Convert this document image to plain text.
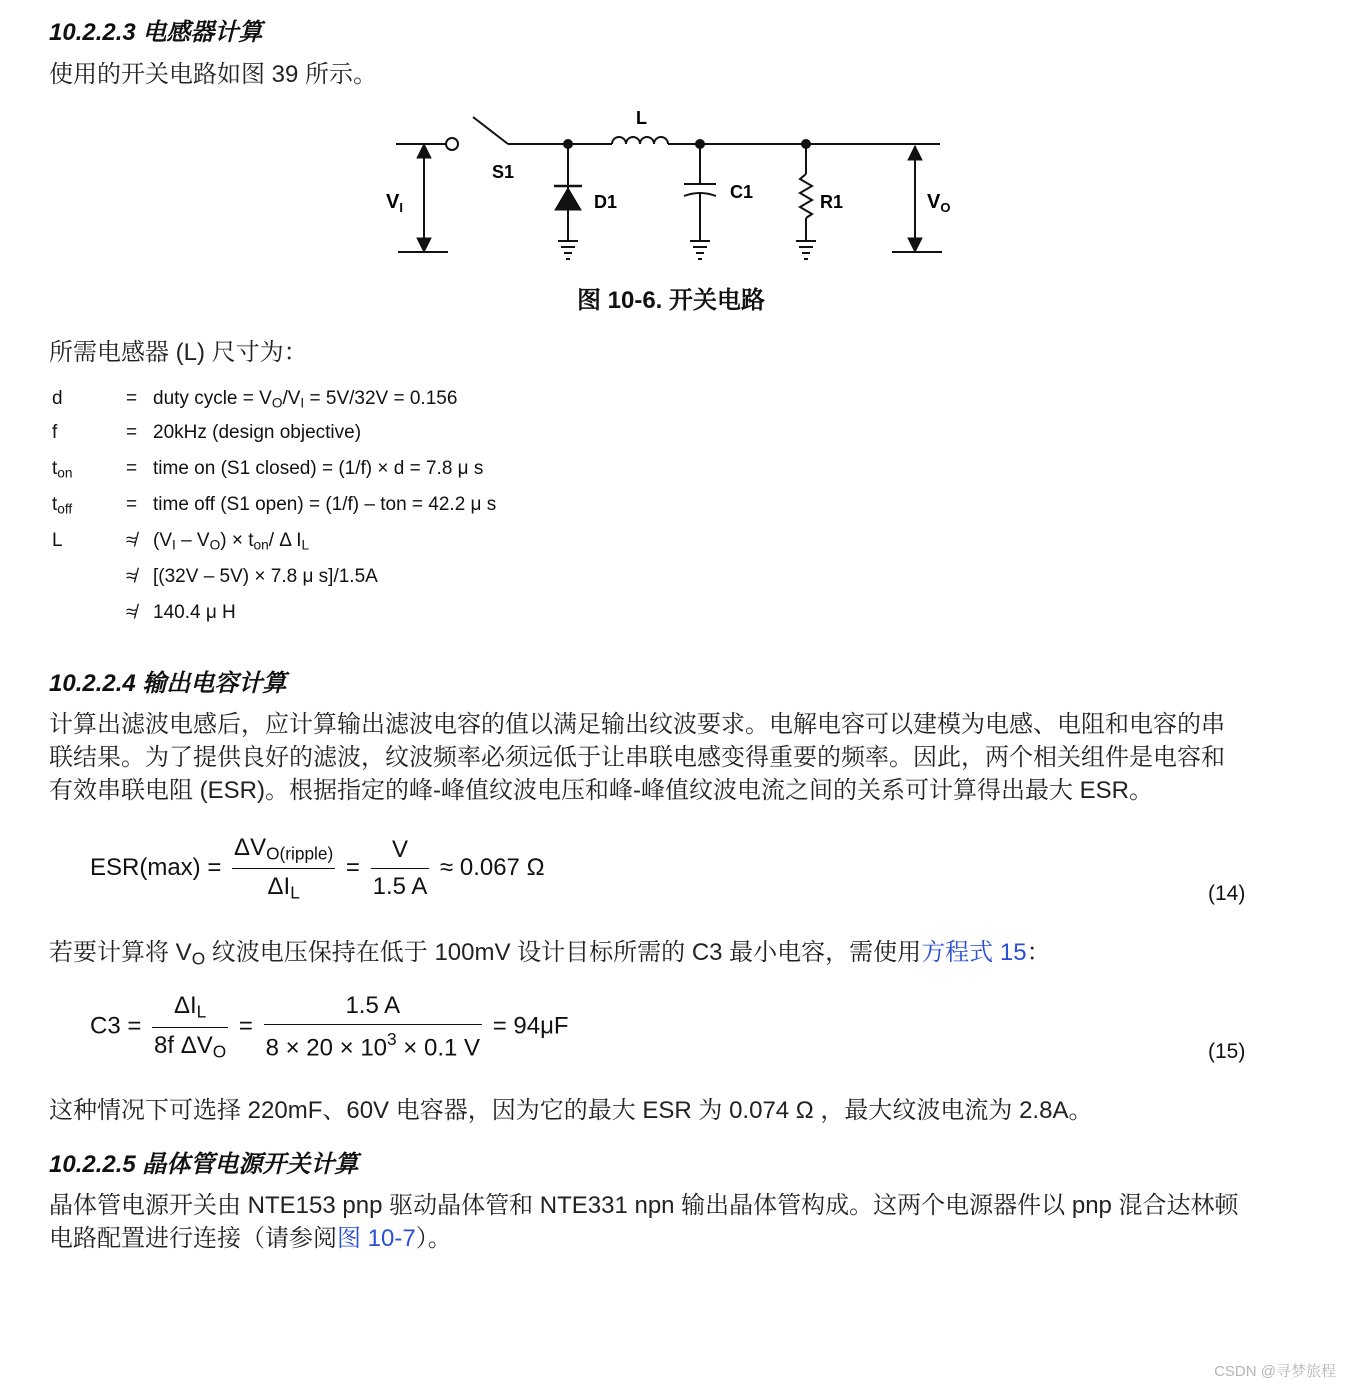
10.2.2.3 电感器计算
使用的开关电路如图 39 所示。
L
S1
D1	C1	R1
$V_I$	$V_O$
图 10-6. 开关电路
所需电感器 (L) 尺寸为：
d	= duty cycle = $V_O/V_I = 5V/32V = 0.156$
f	= 20kHz (design objective)
$t_{on}$	= time on (S1 closed) = (1/f) × d = 7.8 μ s
$t_{off}$	= time off (S1 open) = (1/f) – ton = 42.2 μ s
L	≉ $(V_I - V_O) \times t_{on}/$ Δ $I_L$
≉ [(32V – 5V) × 7.8 μ s]/1.5A
≉ 140.4 μ H
10.2.2.4 输出电容计算
计算出滤波电感后，应计算输出滤波电容的值以满足输出纹波要求。电解电容可以建模为电感、电阻和电容的串
联结果。为了提供良好的滤波，纹波频率必须远低于让串联电感变得重要的频率。因此，两个相关组件是电容和
有效串联电阻 (ESR)。根据指定的峰-峰值纹波电压和峰-峰值纹波电流之间的关系可计算得出最大 ESR。
$ESR(\max) = \frac{\Delta V_{O(ripple)}}{\Delta I_L} = \frac{V}{1.5 A} \approx 0.067$ Ω
(14)
若要计算将 $V_O$ 纹波电压保持在低于 100mV 设计目标所需的 C3 最小电容，需使用方程式 15：
$C3 = \frac{\Delta I_L}{8f \Delta V_O} = \frac{1.5 A}{8 \times 20 \times 10^3 \times 0.1 V} = 94\mu F$
(15)
这种情况下可选择 220mF、60V 电容器，因为它的最大 ESR 为 0.074 Ω ，最大纹波电流为 2.8A。
10.2.2.5 晶体管电源开关计算
晶体管电源开关由 NTE153 pnp 驱动晶体管和 NTE331 npn 输出晶体管构成。这两个电源器件以 pnp 混合达林顿
电路配置进行连接（请参阅图 10-7）。
CSDN @寻梦旅程
